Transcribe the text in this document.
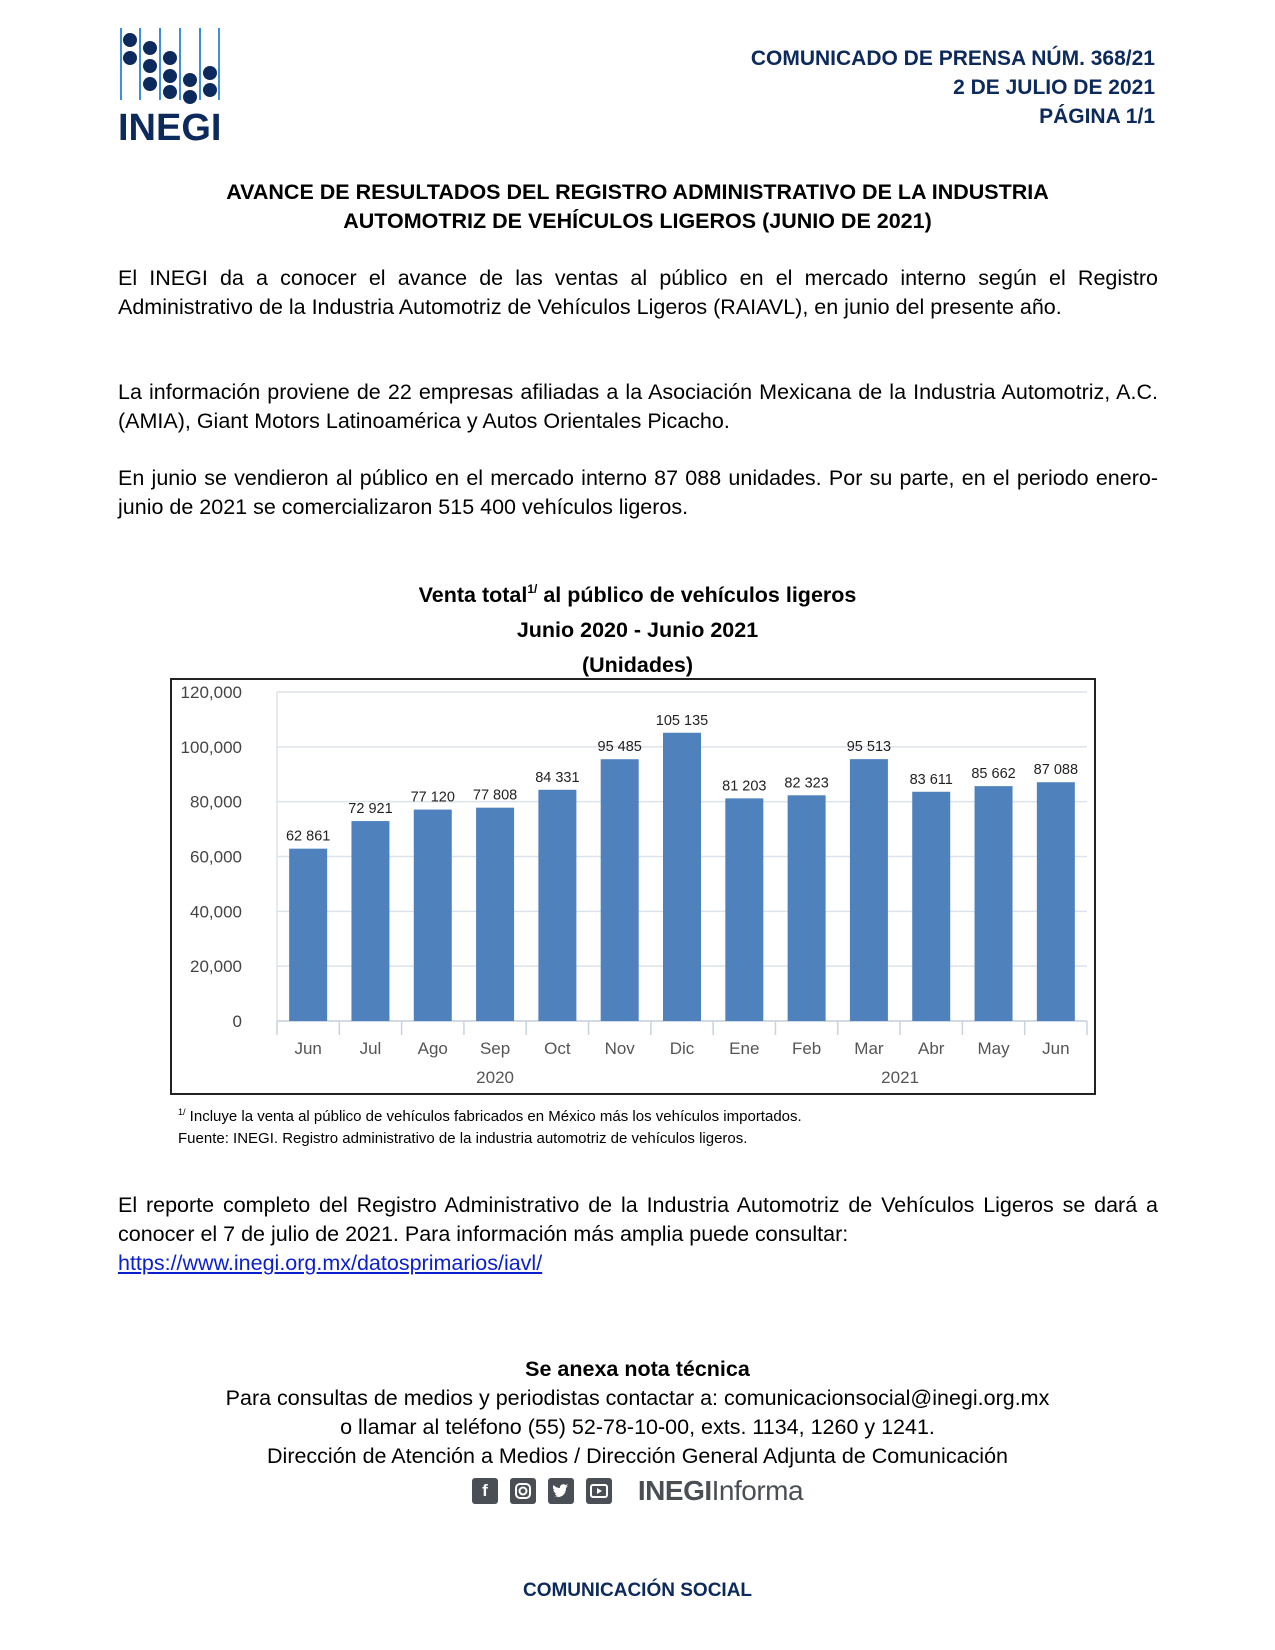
INEGI
COMUNICADO DE PRENSA NÚM. 368/21
2 DE JULIO DE 2021
PÁGINA 1/1
AVANCE DE RESULTADOS DEL REGISTRO ADMINISTRATIVO DE LA INDUSTRIA
AUTOMOTRIZ DE VEHÍCULOS LIGEROS (JUNIO DE 2021)
El INEGI da a conocer el avance de las ventas al público en el mercado interno según el Registro Administrativo de la Industria Automotriz de Vehículos Ligeros (RAIAVL), en junio del presente año.
La información proviene de 22 empresas afiliadas a la Asociación Mexicana de la Industria Automotriz, A.C. (AMIA), Giant Motors Latinoamérica y Autos Orientales Picacho.
En junio se vendieron al público en el mercado interno 87 088 unidades. Por su parte, en el periodo enero-junio de 2021 se comercializaron 515 400 vehículos ligeros.
Venta total$^{1/}$ al público de vehículos ligeros
Junio 2020 - Junio 2021
(Unidades)
0
20,000
40,000
60,000
80,000
100,000
120,000
62 861
Jun
72 921
Jul
77 120
Ago
77 808
Sep
84 331
Oct
95 485
Nov
105 135
Dic
81 203
Ene
82 323
Feb
95 513
Mar
83 611
Abr
85 662
May
87 088
Jun
2020	2021
$^{1/}$ Incluye la venta al público de vehículos fabricados en México más los vehículos importados.
Fuente: INEGI. Registro administrativo de la industria automotriz de vehículos ligeros.
El reporte completo del Registro Administrativo de la Industria Automotriz de Vehículos Ligeros se dará a conocer el 7 de julio de 2021. Para información más amplia puede consultar:
https://www.inegi.org.mx/datosprimarios/iavl/
Se anexa nota técnica
Para consultas de medios y periodistas contactar a: comunicacionsocial@inegi.org.mx
o llamar al teléfono (55) 52-78-10-00, exts. 1134, 1260 y 1241.
Dirección de Atención a Medios / Dirección General Adjunta de Comunicación
f	INEGIInforma
COMUNICACIÓN SOCIAL
